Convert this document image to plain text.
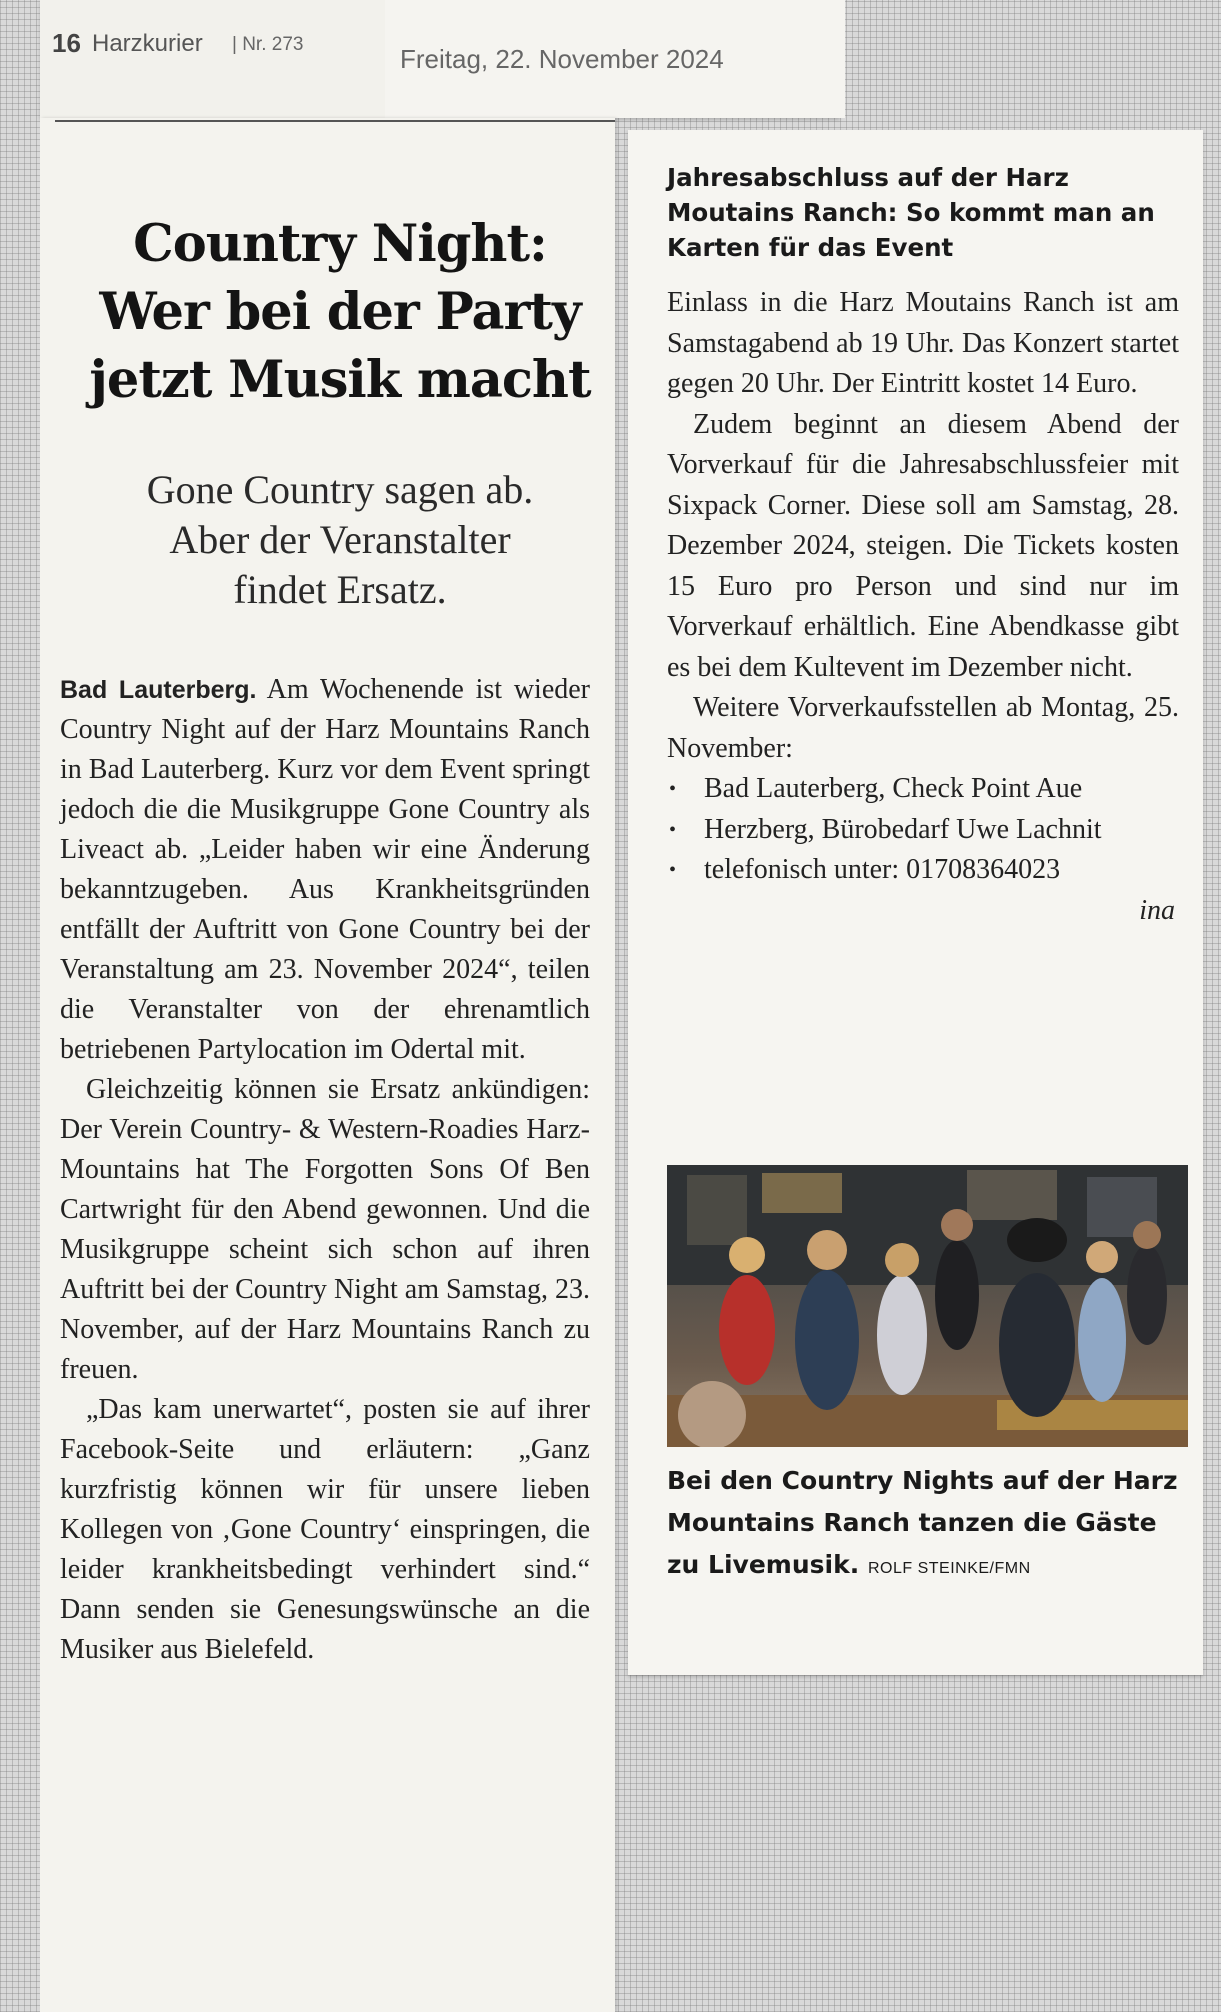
16 Harzkurier | Nr. 273	Freitag, 22. November 2024
Country Night:
Wer bei der Party
jetzt Musik macht
Gone Country sagen ab.
Aber der Veranstalter
findet Ersatz.

Bad Lauterberg. Am Wochenende ist wieder Country Night auf der Harz Mountains Ranch in Bad Lauterberg. Kurz vor dem Event springt jedoch die die Musikgruppe Gone Country als Liveact ab. „Leider haben wir eine Änderung bekanntzugeben. Aus Krankheitsgründen entfällt der Auftritt von Gone Country bei der Veranstaltung am 23. November 2024“, teilen die Veranstalter von der ehrenamtlich betriebenen Partylocation im Odertal mit.

Gleichzeitig können sie Ersatz ankündigen: Der Verein Country- & Western-Roadies Harz-Mountains hat The Forgotten Sons Of Ben Cartwright für den Abend gewonnen. Und die Musikgruppe scheint sich schon auf ihren Auftritt bei der Country Night am Samstag, 23. November, auf der Harz Mountains Ranch zu freuen.

„Das kam unerwartet“, posten sie auf ihrer Facebook-Seite und erläutern: „Ganz kurzfristig können wir für unsere lieben Kollegen von ‚Gone Country‘ einspringen, die leider krankheitsbedingt verhindert sind.“ Dann senden sie Genesungswünsche an die Musiker aus Bielefeld.

Jahresabschluss auf der Harz Moutains Ranch: So kommt man an Karten für das Event

Einlass in die Harz Moutains Ranch ist am Samstagabend ab 19 Uhr. Das Konzert startet gegen 20 Uhr. Der Eintritt kostet 14 Euro.

Zudem beginnt an diesem Abend der Vorverkauf für die Jahresabschlussfeier mit Sixpack Corner. Diese soll am Samstag, 28. Dezember 2024, steigen. Die Tickets kosten 15 Euro pro Person und sind nur im Vorverkauf erhältlich. Eine Abendkasse gibt es bei dem Kultevent im Dezember nicht.

Weitere Vorverkaufsstellen ab Montag, 25. November:

• Bad Lauterberg, Check Point Aue
• Herzberg, Bürobedarf Uwe Lachnit
• telefonisch unter: 01708364023
ina
Bei den Country Nights auf der Harz Mountains Ranch tanzen die Gäste zu Livemusik. ROLF STEINKE/FMN
